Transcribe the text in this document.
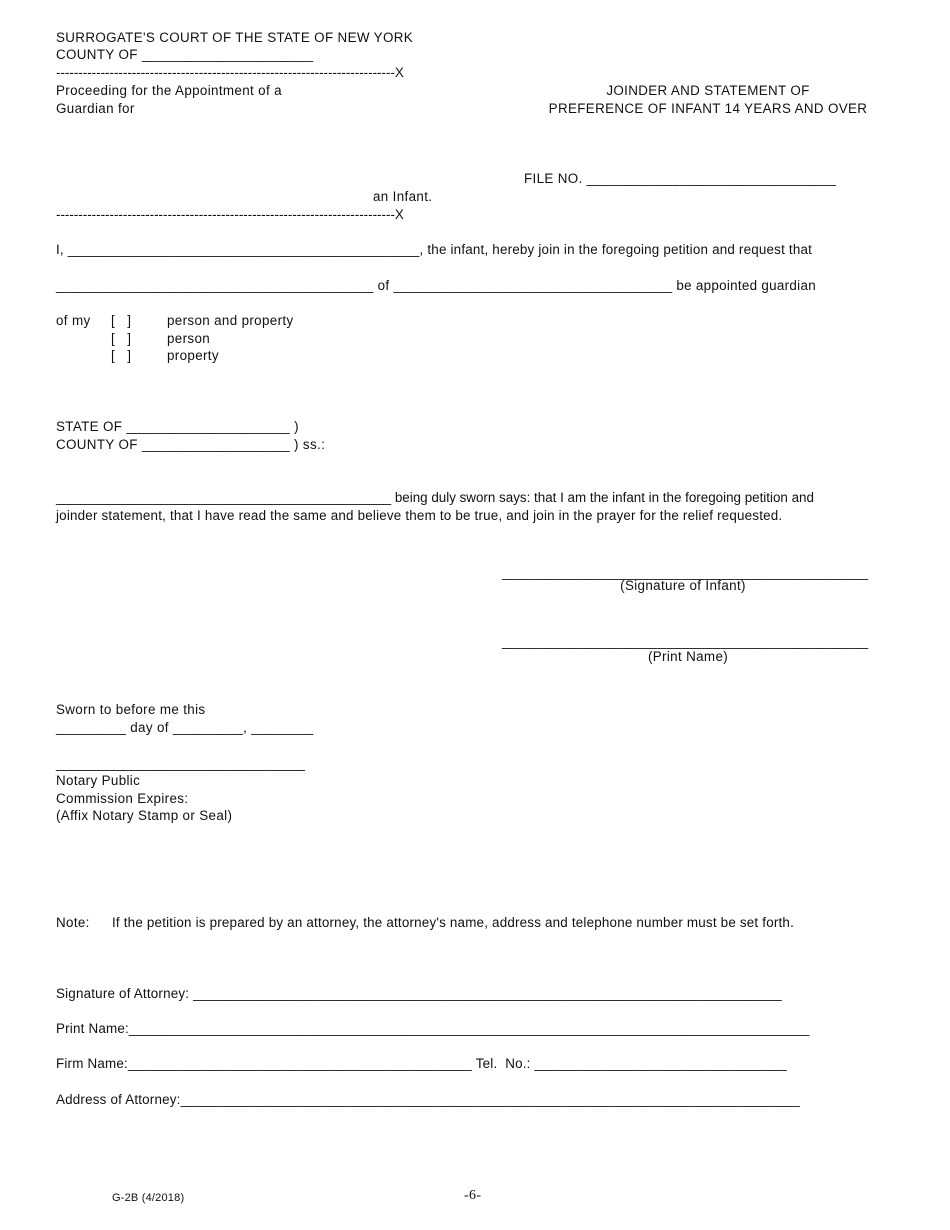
SURROGATE'S COURT OF THE STATE OF NEW YORK
COUNTY OF ______________________
----------------------------------------------------------------------------X
Proceeding for the Appointment of a
Guardian for
an Infant.
----------------------------------------------------------------------------X
JOINDER AND STATEMENT OF
PREFERENCE OF INFANT 14 YEARS AND OVER
FILE NO. ________________________________
I, ______________________________________________, the infant, hereby join in the foregoing petition and request that
_________________________________________ of ____________________________________ be appointed guardian
of my [   ]	person and property
[   ]	person
[   ]	property
STATE OF _____________________ )
COUNTY OF ___________________ ) ss.:
_____________________________________________ being duly sworn says: that I am the infant in the foregoing petition and
joinder statement, that I have read the same and believe them to be true, and join in the prayer for the relief requested.
_______________________________________________
(Signature of Infant)
_______________________________________________
(Print Name)
Sworn to before me this
_________ day of _________, ________
_________________________________
Notary Public
Commission Expires:
(Affix Notary Stamp or Seal)
Note: If the petition is prepared by an attorney, the attorney's name, address and telephone number must be set forth.
Signature of Attorney: _____________________________________________________________________________
Print Name:_________________________________________________________________________________________
Firm Name:_____________________________________________ Tel.  No.: _________________________________
Address of Attorney:_________________________________________________________________________________
G-2B (4/2018)	-6-
